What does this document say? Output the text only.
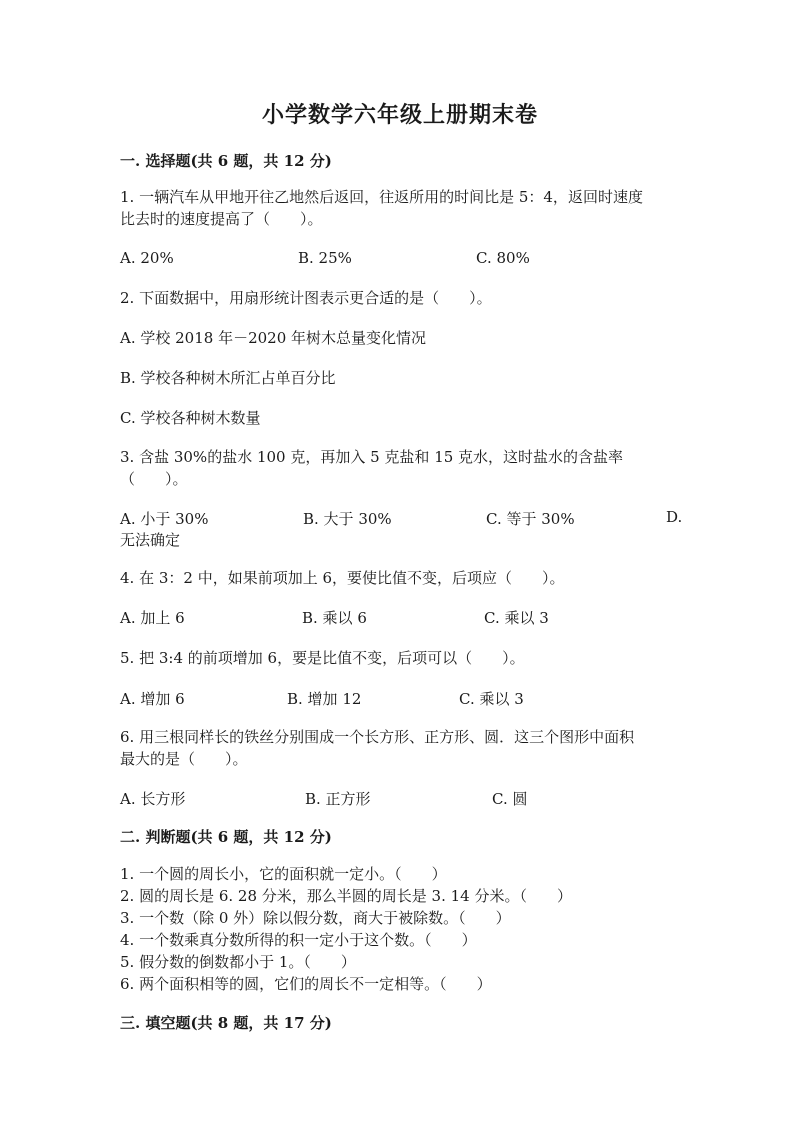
小学数学六年级上册期末卷
一. 选择题(共 6 题，共 12 分)
1. 一辆汽车从甲地开往乙地然后返回，往返所用的时间比是 5：4，返回时速度
比去时的速度提高了（　　）。
A. 20%	B. 25%	C. 80%
2. 下面数据中，用扇形统计图表示更合适的是（　　）。
A. 学校 2018 年－2020 年树木总量变化情况
B. 学校各种树木所汇占单百分比
C. 学校各种树木数量
3. 含盐 30%的盐水 100 克，再加入 5 克盐和 15 克水，这时盐水的含盐率
（　　）。
A. 小于 30%	B. 大于 30%	C. 等于 30%	D.
无法确定
4. 在 3：2 中，如果前项加上 6，要使比值不变，后项应（　　）。
A. 加上 6	B. 乘以 6	C. 乘以 3
5. 把 3:4 的前项增加 6，要是比值不变，后项可以（　　）。
A. 增加 6	B. 增加 12	C. 乘以 3
6. 用三根同样长的铁丝分别围成一个长方形、正方形、圆．这三个图形中面积
最大的是（　　）。
A. 长方形	B. 正方形	C. 圆
二. 判断题(共 6 题，共 12 分)
1. 一个圆的周长小，它的面积就一定小。（　　）
2. 圆的周长是 6. 28 分米，那么半圆的周长是 3. 14 分米。（　　）
3. 一个数（除 0 外）除以假分数，商大于被除数。（　　）
4. 一个数乘真分数所得的积一定小于这个数。（　　）
5. 假分数的倒数都小于 1。（　　）
6. 两个面积相等的圆，它们的周长不一定相等。（　　）
三. 填空题(共 8 题，共 17 分)
